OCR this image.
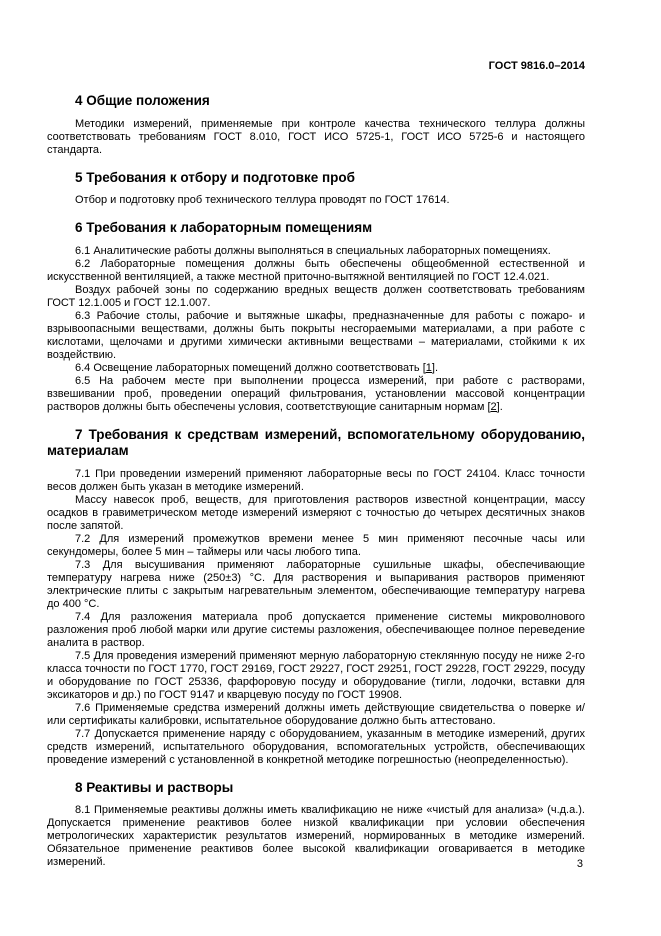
ГОСТ 9816.0–2014
4 Общие положения

Методики измерений, применяемые при контроле качества технического теллура должны соответствовать требованиям ГОСТ 8.010, ГОСТ ИСО 5725-1, ГОСТ ИСО 5725-6 и настоящего стандарта.

5 Требования к отбору и подготовке проб

Отбор и подготовку проб технического теллура проводят по ГОСТ 17614.

6 Требования к лабораторным помещениям

6.1 Аналитические работы должны выполняться в специальных лабораторных помещениях.

6.2 Лабораторные помещения должны быть обеспечены общеобменной естественной и искусственной вентиляцией, а также местной приточно-вытяжной вентиляцией по ГОСТ 12.4.021.

Воздух рабочей зоны по содержанию вредных веществ должен соответствовать требованиям ГОСТ 12.1.005 и ГОСТ 12.1.007.

6.3 Рабочие столы, рабочие и вытяжные шкафы, предназначенные для работы с пожаро- и взрывоопасными веществами, должны быть покрыты несгораемыми материалами, а при работе с кислотами, щелочами и другими химически активными веществами – материалами, стойкими к их воздействию.

6.4 Освещение лабораторных помещений должно соответствовать [1].

6.5 На рабочем месте при выполнении процесса измерений, при работе с растворами, взвешивании проб, проведении операций фильтрования, установлении массовой концентрации растворов должны быть обеспечены условия, соответствующие санитарным нормам [2].

7 Требования к средствам измерений, вспомогательному оборудованию, материалам

7.1 При проведении измерений применяют лабораторные весы по ГОСТ 24104. Класс точности весов должен быть указан в методике измерений.

Массу навесок проб, веществ, для приготовления растворов известной концентрации, массу осадков в гравиметрическом методе измерений измеряют с точностью до четырех десятичных знаков после запятой.

7.2 Для измерений промежутков времени менее 5 мин применяют песочные часы или секундомеры, более 5 мин – таймеры или часы любого типа.

7.3 Для высушивания применяют лабораторные сушильные шкафы, обеспечивающие температуру нагрева ниже (250±3) °С. Для растворения и выпаривания растворов применяют электрические плиты с закрытым нагревательным элементом, обеспечивающие температуру нагрева до 400 °С.

7.4 Для разложения материала проб допускается применение системы микроволнового разложения проб любой марки или другие системы разложения, обеспечивающее полное переведение аналита в раствор.

7.5 Для проведения измерений применяют мерную лабораторную стеклянную посуду не ниже 2-го класса точности по ГОСТ 1770, ГОСТ 29169, ГОСТ 29227, ГОСТ 29251, ГОСТ 29228, ГОСТ 29229, посуду и оборудование по ГОСТ 25336, фарфоровую посуду и оборудование (тигли, лодочки, вставки для эксикаторов и др.) по ГОСТ 9147 и кварцевую посуду по ГОСТ 19908.

7.6 Применяемые средства измерений должны иметь действующие свидетельства о поверке и/или сертификаты калибровки, испытательное оборудование должно быть аттестовано.

7.7 Допускается применение наряду с оборудованием, указанным в методике измерений, других средств измерений, испытательного оборудования, вспомогательных устройств, обеспечивающих проведение измерений с установленной в конкретной методике погрешностью (неопределенностью).

8 Реактивы и растворы

8.1 Применяемые реактивы должны иметь квалификацию не ниже «чистый для анализа» (ч.д.а.). Допускается применение реактивов более низкой квалификации при условии обеспечения метрологических характеристик результатов измерений, нормированных в методике измерений. Обязательное применение реактивов более высокой квалификации оговаривается в методике измерений.	3
